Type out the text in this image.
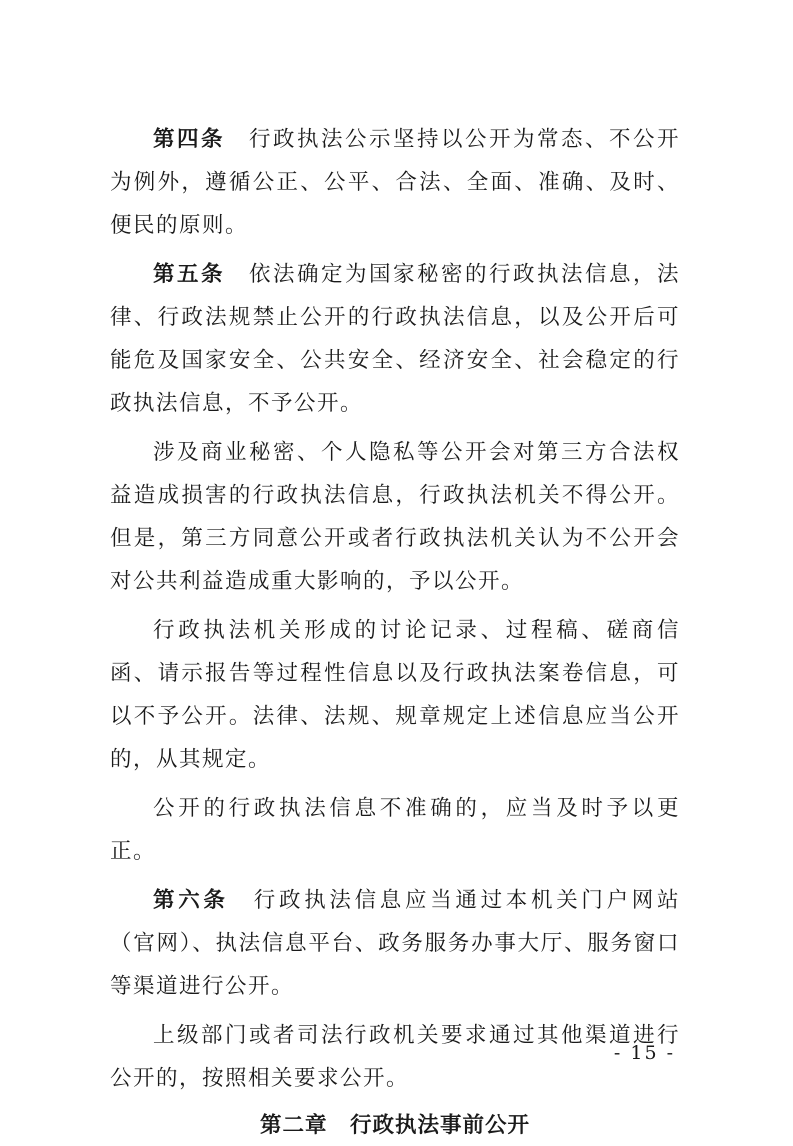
第四条　行政执法公示坚持以公开为常态、不公开为例外，遵循公正、公平、合法、全面、准确、及时、便民的原则。

第五条　依法确定为国家秘密的行政执法信息，法律、行政法规禁止公开的行政执法信息，以及公开后可能危及国家安全、公共安全、经济安全、社会稳定的行政执法信息，不予公开。

涉及商业秘密、个人隐私等公开会对第三方合法权益造成损害的行政执法信息，行政执法机关不得公开。但是，第三方同意公开或者行政执法机关认为不公开会对公共利益造成重大影响的，予以公开。

行政执法机关形成的讨论记录、过程稿、磋商信函、请示报告等过程性信息以及行政执法案卷信息，可以不予公开。法律、法规、规章规定上述信息应当公开的，从其规定。

公开的行政执法信息不准确的，应当及时予以更正。

第六条　行政执法信息应当通过本机关门户网站（官网）、执法信息平台、政务服务办事大厅、服务窗口等渠道进行公开。

上级部门或者司法行政机关要求通过其他渠道进行公开的，按照相关要求公开。

第二章　行政执法事前公开
- 15 -
